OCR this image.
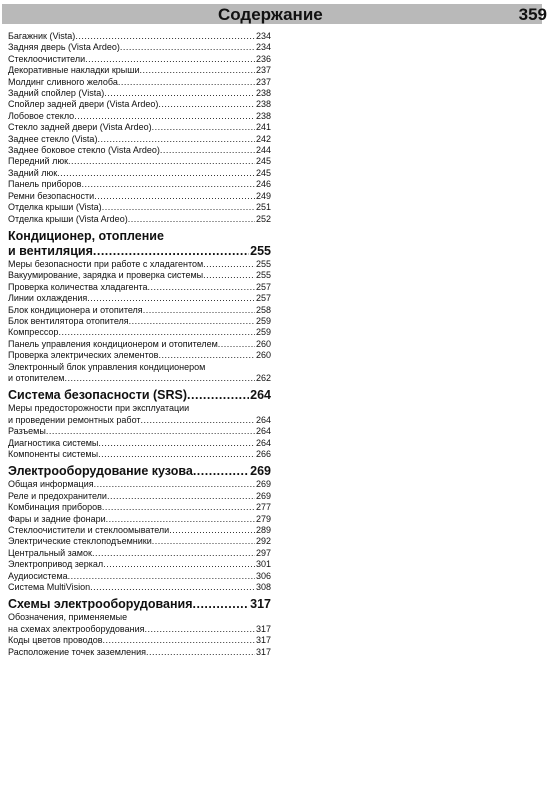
Содержание	359
Багажник (Vista) .....	234
Задняя дверь (Vista Ardeo) .....	234
Стеклоочистители .....	236
Декоративные накладки крыши .....	237
Молдинг сливного желоба .....	237
Задний спойлер (Vista) .....	238
Спойлер задней двери (Vista Ardeo) .....	238
Лобовое стекло .....	238
Стекло задней двери (Vista Ardeo) .....	241
Заднее стекло (Vista) .....	242
Заднее боковое стекло (Vista Ardeo) .....	244
Передний люк .....	245
Задний люк .....	245
Панель приборов .....	246
Ремни безопасности .....	249
Отделка крыши (Vista) .....	251
Отделка крыши (Vista Ardeo) .....	252
Кондиционер, отопление
и вентиляция .....	255
Меры безопасности при работе с хладагентом .....	255
Вакуумирование, зарядка и проверка системы .....	255
Проверка количества хладагента .....	257
Линии охлаждения .....	257
Блок кондиционера и отопителя .....	258
Блок вентилятора отопителя .....	259
Компрессор .....	259
Панель управления кондиционером и отопителем .....	260
Проверка электрических элементов .....	260
Электронный блок управления кондиционером
и отопителем .....	262
Система безопасности (SRS) .....	264
Меры предосторожности при эксплуатации
и проведении ремонтных работ .....	264
Разъемы .....	264
Диагностика системы .....	264
Компоненты системы .....	266
Электрооборудование кузова .....	269
Общая информация .....	269
Реле и предохранители .....	269
Комбинация приборов .....	277
Фары и задние фонари .....	279
Стеклоочистители и стеклоомыватели .....	289
Электрические стеклоподъемники .....	292
Центральный замок .....	297
Электропривод зеркал .....	301
Аудиосистема .....	306
Система MultiVision .....	308
Схемы электрооборудования .....	317
Обозначения, применяемые
на схемах электрооборудования .....	317
Коды цветов проводов .....	317
Расположение точек заземления .....	317
